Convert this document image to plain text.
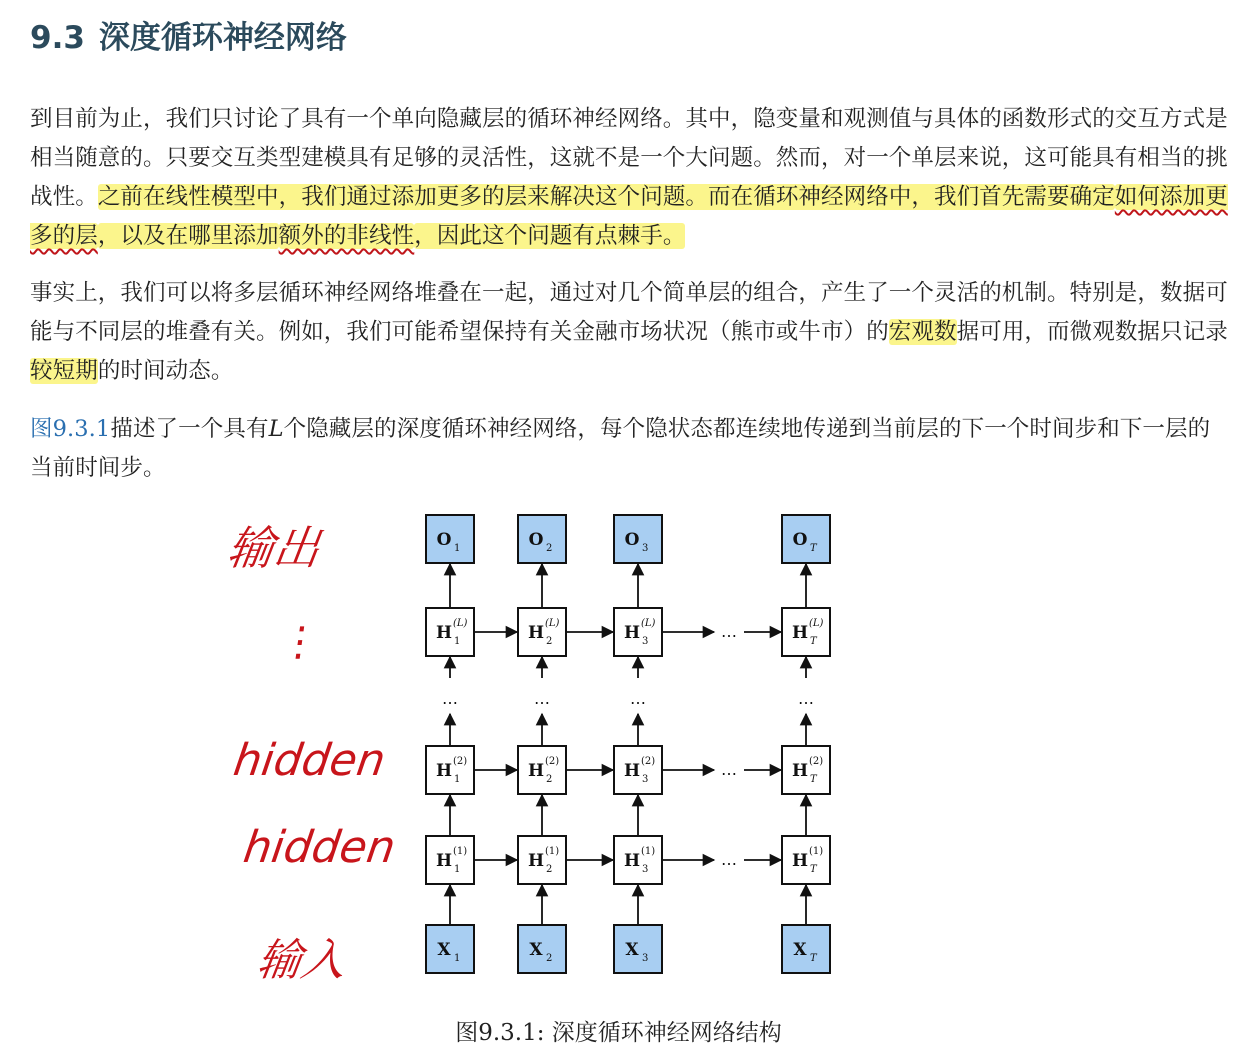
9.3 深度循环神经网络

到目前为止，我们只讨论了具有一个单向隐藏层的循环神经网络。其中，隐变量和观测值与具体的函数形式的交互方式是相当随意的。只要交互类型建模具有足够的灵活性，这就不是一个大问题。然而，对一个单层来说，这可能具有相当的挑战性。之前在线性模型中，我们通过添加更多的层来解决这个问题。而在循环神经网络中，我们首先需要确定如何添加更多的层，以及在哪里添加额外的非线性，因此这个问题有点棘手。

事实上，我们可以将多层循环神经网络堆叠在一起，通过对几个简单层的组合，产生了一个灵活的机制。特别是，数据可能与不同层的堆叠有关。例如，我们可能希望保持有关金融市场状况（熊市或牛市）的宏观数据可用，而微观数据只记录较短期的时间动态。

图9.3.1描述了一个具有L个隐藏层的深度循环神经网络，每个隐状态都连续地传递到当前层的下一个时间步和下一层的当前时间步。

O 1
X 1
H 1
(L)
H 1
(2)
H 1
(1)
O 2
X 2
H 2
(L)
H 2
(2)
H 2
(1)
O 3
X 3
H 3
(L)
H 3
(2)
H 3
(1)
O T
X T
H T
(L)
H T
(2)
H T
(1)
…	…	…	…
…
…
…
输出
⋮
hidden
hidden
输入
图9.3.1: 深度循环神经网络结构
